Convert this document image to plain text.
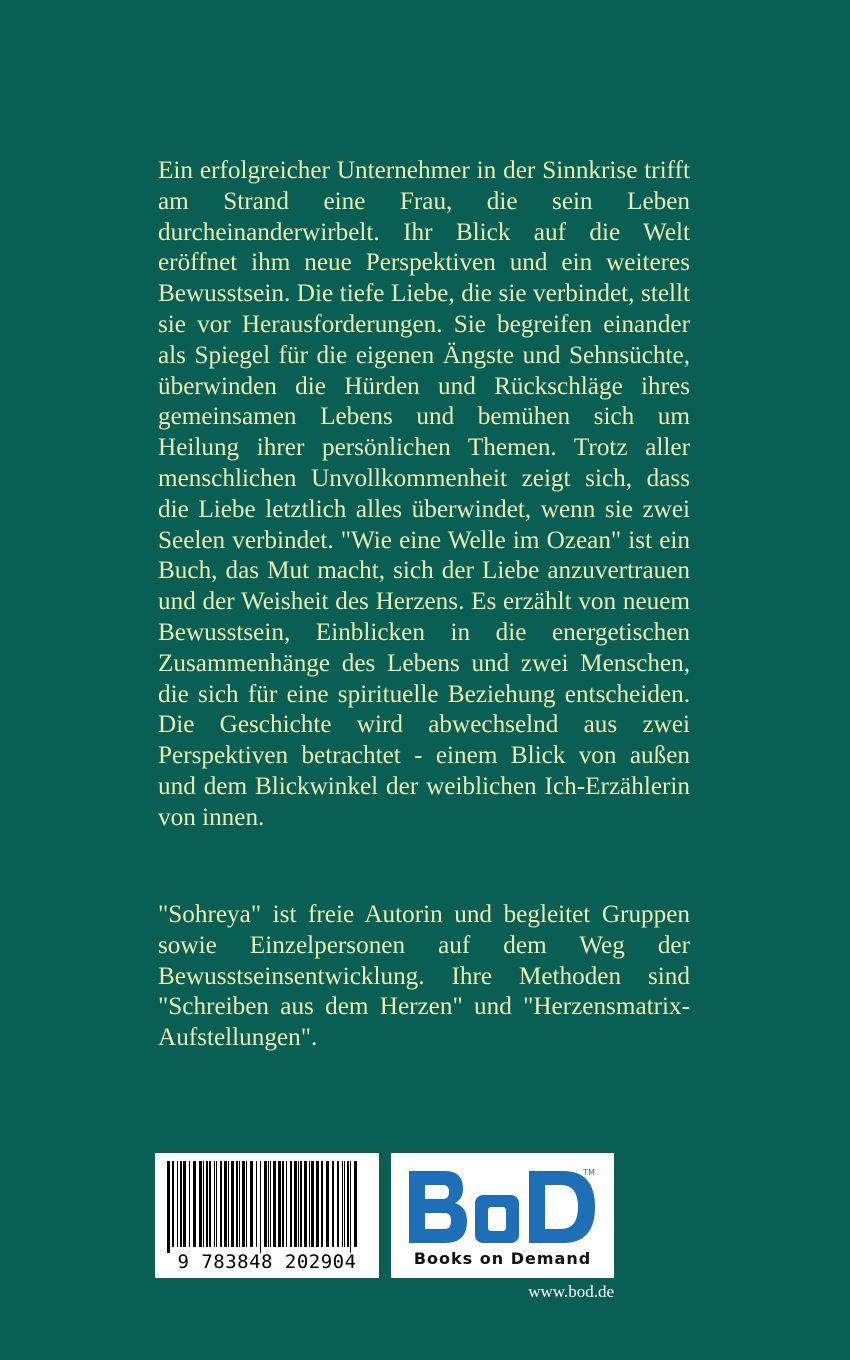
Ein erfolgreicher Unternehmer in der Sinnkrise trifft am Strand eine Frau, die sein Leben durcheinanderwirbelt. Ihr Blick auf die Welt eröffnet ihm neue Perspektiven und ein weiteres Bewusstsein. Die tiefe Liebe, die sie verbindet, stellt sie vor Herausforderungen. Sie begreifen einander als Spiegel für die eigenen Ängste und Sehnsüchte, überwinden die Hürden und Rückschläge ihres gemeinsamen Lebens und bemühen sich um Heilung ihrer persönlichen Themen. Trotz aller menschlichen Unvollkommenheit zeigt sich, dass die Liebe letztlich alles überwindet, wenn sie zwei Seelen verbindet. "Wie eine Welle im Ozean" ist ein Buch, das Mut macht, sich der Liebe anzuvertrauen und der Weisheit des Herzens. Es erzählt von neuem Bewusstsein, Einblicken in die energetischen Zusammenhänge des Lebens und zwei Menschen, die sich für eine spirituelle Beziehung entscheiden. Die Geschichte wird abwechselnd aus zwei Perspektiven betrachtet - einem Blick von außen und dem Blickwinkel der weiblichen Ich-Erzählerin von innen.

"Sohreya" ist freie Autorin und begleitet Gruppen sowie Einzelpersonen auf dem Weg der Bewusstseinsentwicklung. Ihre Methoden sind "Schreiben aus dem Herzen" und "Herzensmatrix-Aufstellungen".

9 783848 202904
TM
Books on Demand
www.bod.de
